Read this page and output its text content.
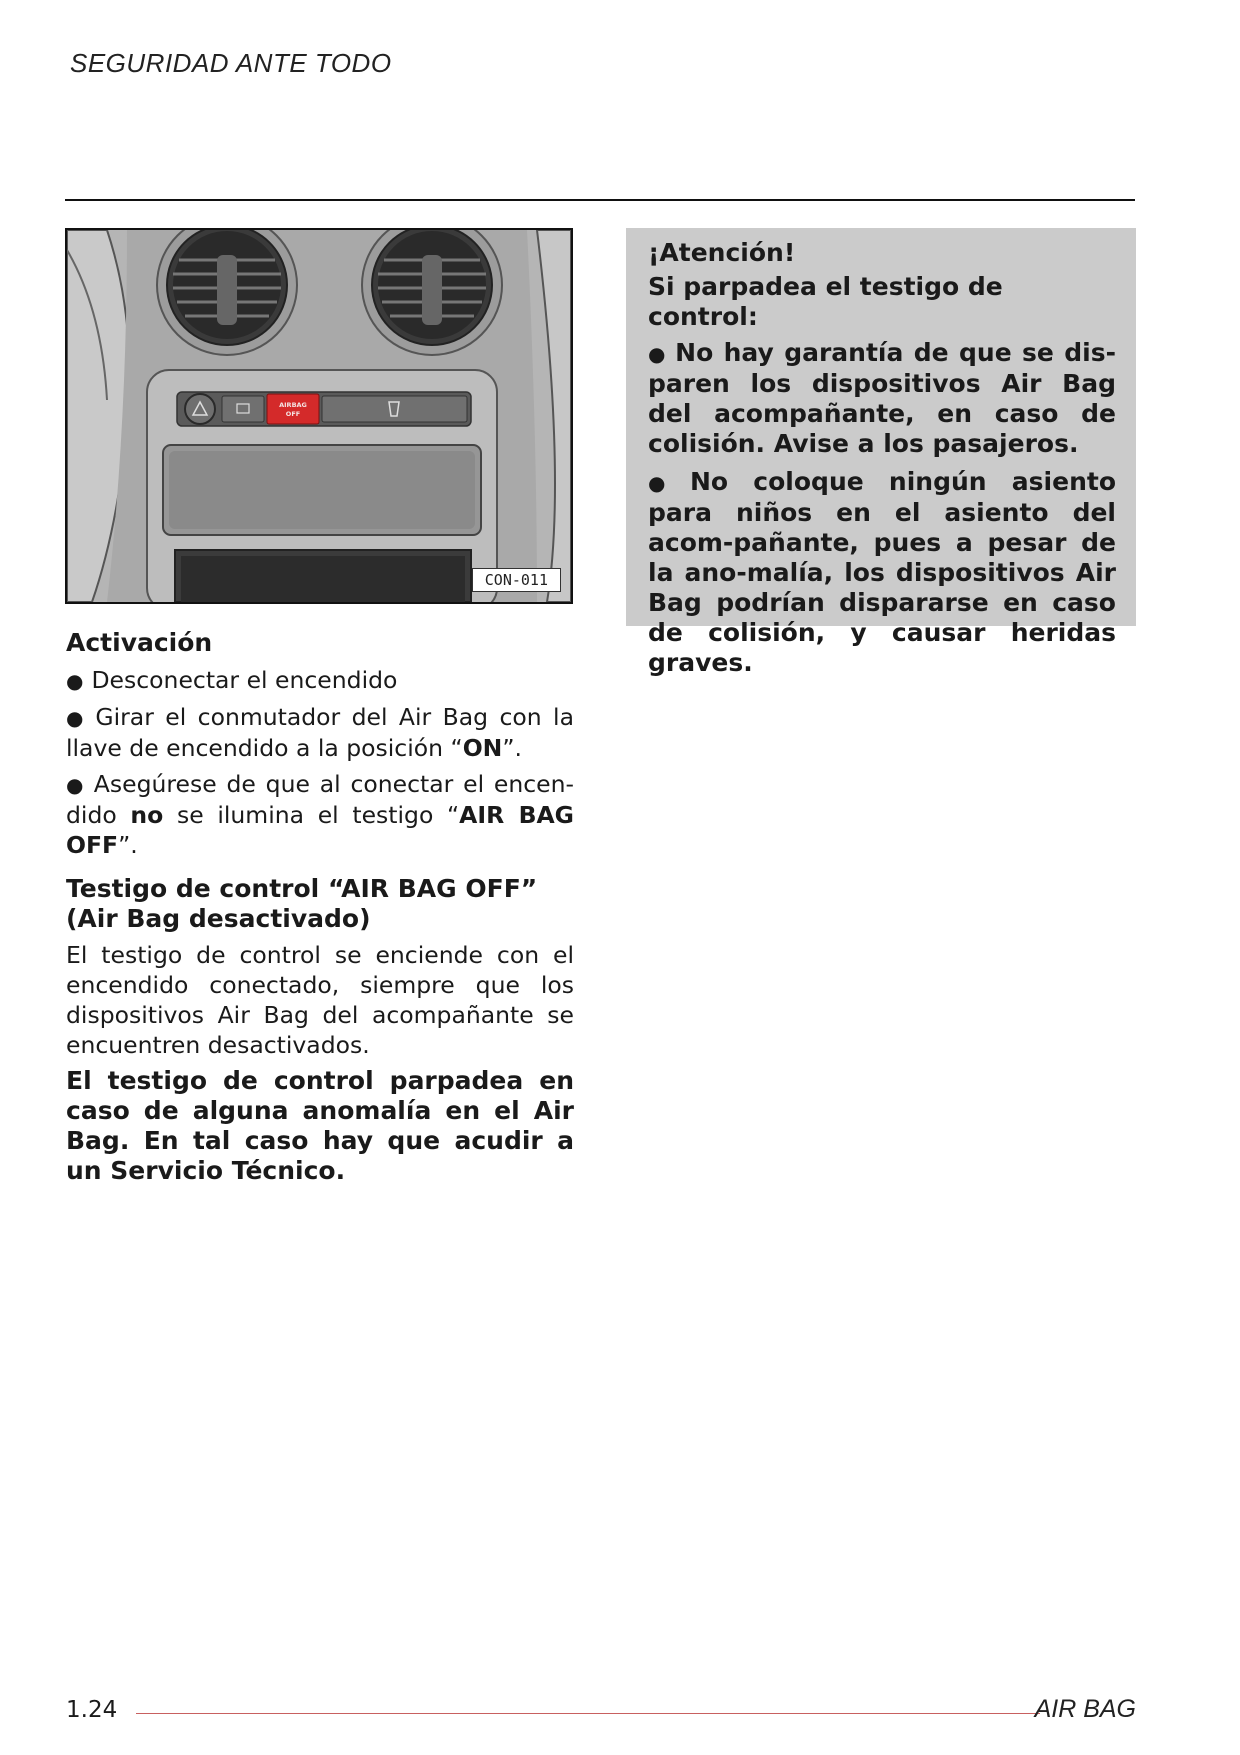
SEGURIDAD ANTE TODO
AIRBAG
OFF
CON-011
Activación

● Desconectar el encendido

● Girar el conmutador del Air Bag con la llave de encendido a la posición “ON”.

● Asegúrese de que al conectar el encen-dido no se ilumina el testigo “AIR BAG OFF”.

Testigo de control “AIR BAG OFF”
(Air Bag desactivado)

El testigo de control se enciende con el encendido conectado, siempre que los dispositivos Air Bag del acompañante se encuentren desactivados.

El testigo de control parpadea en caso de alguna anomalía en el Air Bag. En tal caso hay que acudir a un Servicio Técnico.

¡Atención!
Si parpadea el testigo de control:

● No hay garantía de que se dis-paren los dispositivos Air Bag del acompañante, en caso de colisión. Avise a los pasajeros.

● No coloque ningún asiento para niños en el asiento del acom-pañante, pues a pesar de la ano-malía, los dispositivos Air Bag podrían dispararse en caso de colisión, y causar heridas graves.

1.24	AIR BAG
